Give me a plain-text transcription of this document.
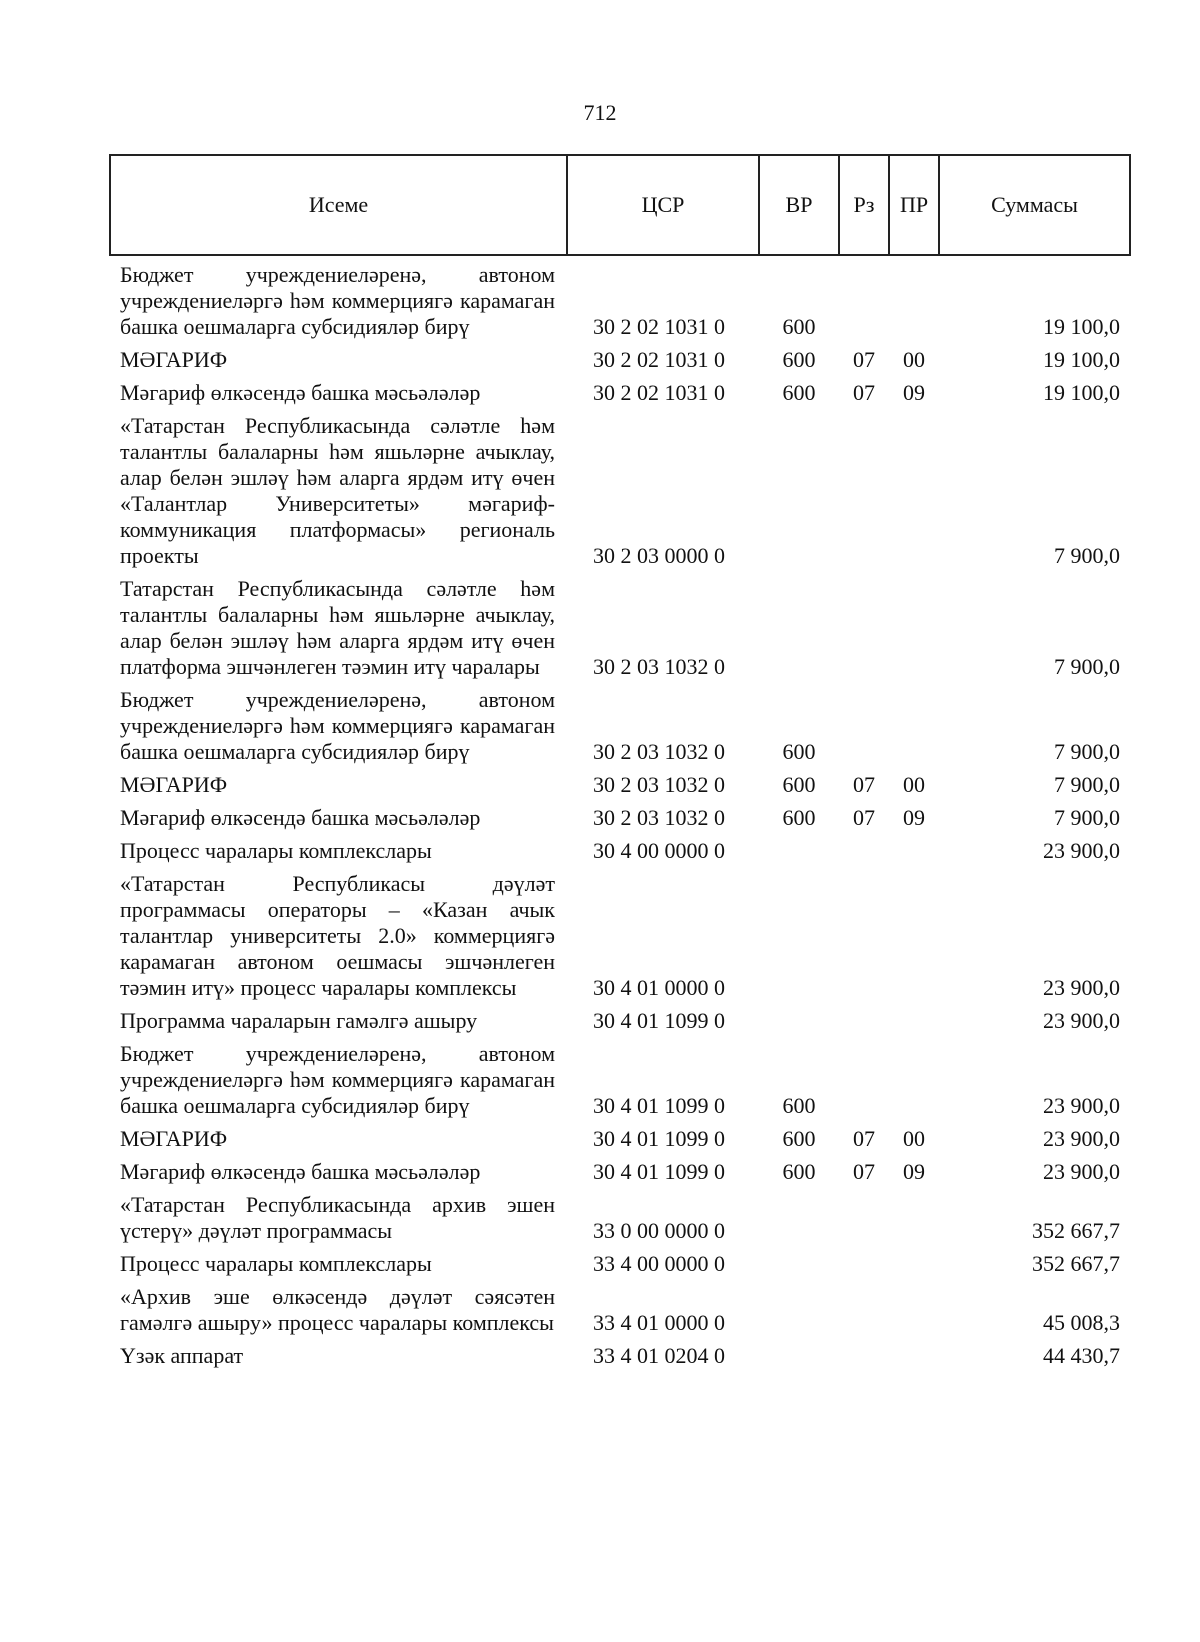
712
Исеме	ЦСР	ВР	Рз	ПР	Суммасы
Бюджет учреждениеләренә, автоном учреждениеләргә һәм коммерциягә карамаган башка оешмаларга субсидияләр бирү	30 2 02 1031 0	600			19 100,0
МӘГАРИФ	30 2 02 1031 0	600	07	00	19 100,0
Мәгариф өлкәсендә башка мәсьәләләр	30 2 02 1031 0	600	07	09	19 100,0
«Татарстан Республикасында сәләтле һәм талантлы балаларны һәм яшьләрне ачыклау, алар белән эшләү һәм аларга ярдәм итү өчен «Талантлар Университеты» мәгариф-коммуникация платформасы» региональ проекты	30 2 03 0000 0				7 900,0
Татарстан Республикасында сәләтле һәм талантлы балаларны һәм яшьләрне ачыклау, алар белән эшләү һәм аларга ярдәм итү өчен платформа эшчәнлеген тәэмин итү чаралары	30 2 03 1032 0				7 900,0
Бюджет учреждениеләренә, автоном учреждениеләргә һәм коммерциягә карамаган башка оешмаларга субсидияләр бирү	30 2 03 1032 0	600			7 900,0
МӘГАРИФ	30 2 03 1032 0	600	07	00	7 900,0
Мәгариф өлкәсендә башка мәсьәләләр	30 2 03 1032 0	600	07	09	7 900,0
Процесс чаралары комплекслары	30 4 00 0000 0				23 900,0
«Татарстан Республикасы дәүләт программасы операторы – «Казан ачык талантлар университеты 2.0» коммерциягә карамаган автоном оешмасы эшчәнлеген тәэмин итү» процесс чаралары комплексы	30 4 01 0000 0				23 900,0
Программа чараларын гамәлгә ашыру	30 4 01 1099 0				23 900,0
Бюджет учреждениеләренә, автоном учреждениеләргә һәм коммерциягә карамаган башка оешмаларга субсидияләр бирү	30 4 01 1099 0	600			23 900,0
МӘГАРИФ	30 4 01 1099 0	600	07	00	23 900,0
Мәгариф өлкәсендә башка мәсьәләләр	30 4 01 1099 0	600	07	09	23 900,0
«Татарстан Республикасында архив эшен үстерү» дәүләт программасы	33 0 00 0000 0				352 667,7
Процесс чаралары комплекслары	33 4 00 0000 0				352 667,7
«Архив эше өлкәсендә дәүләт сәясәтен гамәлгә ашыру» процесс чаралары комплексы	33 4 01 0000 0				45 008,3
Үзәк аппарат	33 4 01 0204 0				44 430,7
